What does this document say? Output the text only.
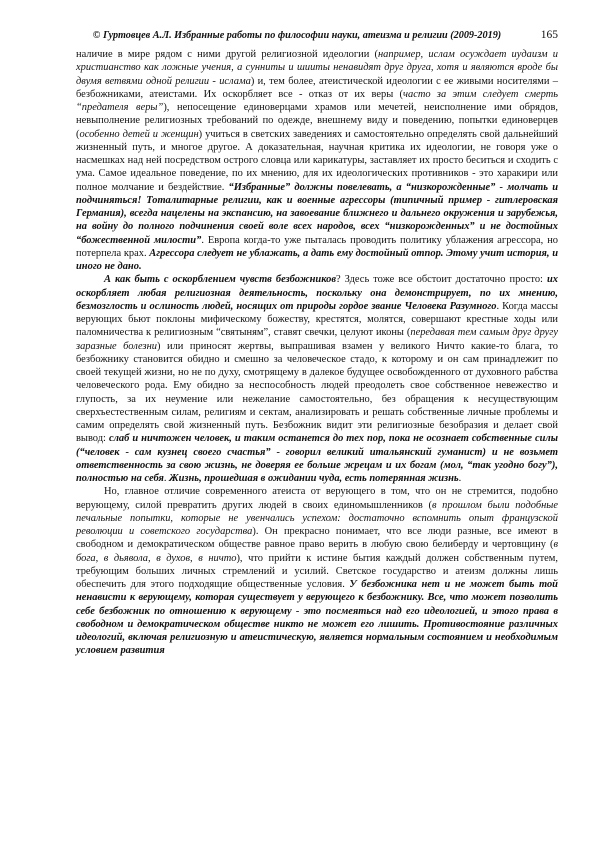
© Гуртовцев А.Л. Избранные работы по философии науки, атеизма и религии (2009-2019)	165

наличие в мире рядом с ними другой религиозной идеологии (например, ислам осуждает иудаизм и христианство как ложные учения, а сунниты и шииты ненавидят друг друга, хотя и являются вроде бы двумя ветвями одной религии - ислама) и, тем более, атеистической идеологии с ее живыми носителями – безбожниками, атеистами. Их оскорбляет все - отказ от их веры (часто за этим следует смерть “предателя веры”), непосещение единоверцами храмов или мечетей, неисполнение ими обрядов, невыполнение религиозных требований по одежде, внешнему виду и поведению, попытки единоверцев (особенно детей и женщин) учиться в светских заведениях и самостоятельно определять свой дальнейший жизненный путь, и многое другое. А доказательная, научная критика их идеологии, не говоря уже о насмешках над ней посредством острого словца или карикатуры, заставляет их просто беситься и сходить с ума. Самое идеальное поведение, по их мнению, для их идеологических противников - это харакири или полное молчание и бездействие. “Избранные” должны повелевать, а “низкорожденные” - молчать и подчиняться! Тоталитарные религии, как и военные агрессоры (типичный пример - гитлеровская Германия), всегда нацелены на экспансию, на завоевание ближнего и дальнего окружения и зарубежья, на войну до полного подчинения своей воле всех народов, всех “низкорожденных” и не достойных “божественной милости”. Европа когда-то уже пыталась проводить политику ублажения агрессора, но потерпела крах. Агрессора следует не ублажать, а дать ему достойный отпор. Этому учит история, и иного не дано.

А как быть с оскорблением чувств безбожников? Здесь тоже все обстоит достаточно просто: их оскорбляет любая религиозная деятельность, поскольку она демонстрирует, по их мнению, безмозглость и ослиность людей, носящих от природы гордое звание Человека Разумного. Когда массы верующих бьют поклоны мифическому божеству, крестятся, молятся, совершают крестные ходы или паломничества к религиозным “святыням”, ставят свечки, целуют иконы (передавая тем самым друг другу заразные болезни) или приносят жертвы, выпрашивая взамен у великого Ничто какие-то блага, то безбожнику становится обидно и смешно за человеческое стадо, к которому и он сам принадлежит по своей текущей жизни, но не по духу, смотрящему в далекое будущее освобожденного от духовного рабства человеческого рода. Ему обидно за неспособность людей преодолеть свое собственное невежество и глупость, за их неумение или нежелание самостоятельно, без обращения к несуществующим сверхъестественным силам, религиям и сектам, анализировать и решать собственные личные проблемы и самим определять свой жизненный путь. Безбожник видит эти религиозные безобразия и делает свой вывод: слаб и ничтожен человек, и таким останется до тех пор, пока не осознает собственные силы (“человек - сам кузнец своего счастья” - говорил великий итальянский гуманист) и не возьмет ответственность за свою жизнь, не доверяя ее больше жрецам и их богам (мол, “так угодно богу”), полностью на себя. Жизнь, прошедшая в ожидании чуда, есть потерянная жизнь.

Но, главное отличие современного атеиста от верующего в том, что он не стремится, подобно верующему, силой превратить других людей в своих единомышленников (в прошлом были подобные печальные попытки, которые не увенчались успехом: достаточно вспомнить опыт французской революции и советского государства). Он прекрасно понимает, что все люди разные, все имеют в свободном и демократическом обществе равное право верить в любую свою белиберду и чертовщину (в бога, в дьявола, в духов, в ничто), что прийти к истине бытия каждый должен собственным путем, требующим больших личных стремлений и усилий. Светское государство и атеизм должны лишь обеспечить для этого подходящие общественные условия. У безбожника нет и не может быть той ненависти к верующему, которая существует у верующего к безбожнику. Все, что может позволить себе безбожник по отношению к верующему - это посмеяться над его идеологией, и этого права в свободном и демократическом обществе никто не может его лишить. Противостояние различных идеологий, включая религиозную и атеистическую, является нормальным состоянием и необходимым условием развития
